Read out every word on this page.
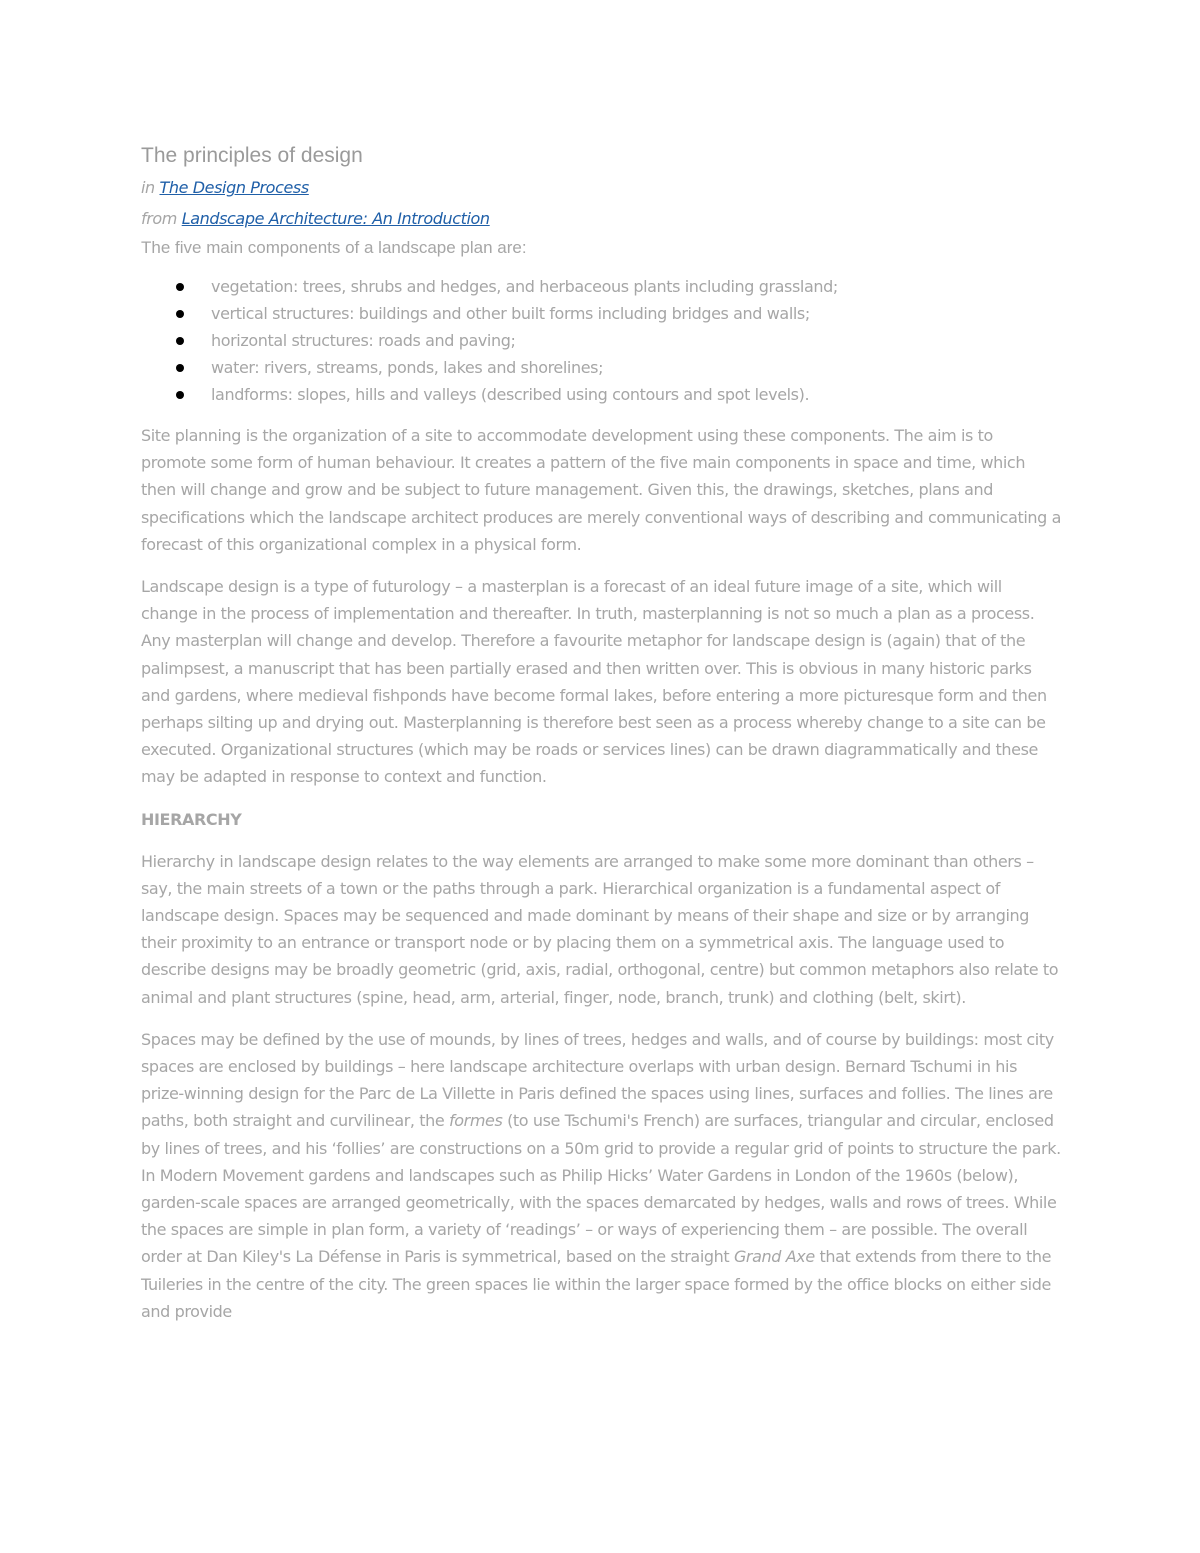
The principles of design

in The Design Process

from Landscape Architecture: An Introduction

The five main components of a landscape plan are:

vegetation: trees, shrubs and hedges, and herbaceous plants including grassland;
vertical structures: buildings and other built forms including bridges and walls;
horizontal structures: roads and paving;
water: rivers, streams, ponds, lakes and shorelines;
landforms: slopes, hills and valleys (described using contours and spot levels).

Site planning is the organization of a site to accommodate development using these components. The aim is to promote some form of human behaviour. It creates a pattern of the five main components in space and time, which then will change and grow and be subject to future management. Given this, the drawings, sketches, plans and specifications which the landscape architect produces are merely conventional ways of describing and communicating a forecast of this organizational complex in a physical form.

Landscape design is a type of futurology – a masterplan is a forecast of an ideal future image of a site, which will change in the process of implementation and thereafter. In truth, masterplanning is not so much a plan as a process. Any masterplan will change and develop. Therefore a favourite metaphor for landscape design is (again) that of the palimpsest, a manuscript that has been partially erased and then written over. This is obvious in many historic parks and gardens, where medieval fishponds have become formal lakes, before entering a more picturesque form and then perhaps silting up and drying out. Masterplanning is therefore best seen as a process whereby change to a site can be executed. Organizational structures (which may be roads or services lines) can be drawn diagrammatically and these may be adapted in response to context and function.

HIERARCHY

Hierarchy in landscape design relates to the way elements are arranged to make some more dominant than others – say, the main streets of a town or the paths through a park. Hierarchical organization is a fundamental aspect of landscape design. Spaces may be sequenced and made dominant by means of their shape and size or by arranging their proximity to an entrance or transport node or by placing them on a symmetrical axis. The language used to describe designs may be broadly geometric (grid, axis, radial, orthogonal, centre) but common metaphors also relate to animal and plant structures (spine, head, arm, arterial, finger, node, branch, trunk) and clothing (belt, skirt).

Spaces may be defined by the use of mounds, by lines of trees, hedges and walls, and of course by buildings: most city spaces are enclosed by buildings – here landscape architecture overlaps with urban design. Bernard Tschumi in his prize-winning design for the Parc de La Villette in Paris defined the spaces using lines, surfaces and follies. The lines are paths, both straight and curvilinear, the formes (to use Tschumi's French) are surfaces, triangular and circular, enclosed by lines of trees, and his ‘follies’ are constructions on a 50m grid to provide a regular grid of points to structure the park. In Modern Movement gardens and landscapes such as Philip Hicks’ Water Gardens in London of the 1960s (below), garden-scale spaces are arranged geometrically, with the spaces demarcated by hedges, walls and rows of trees. While the spaces are simple in plan form, a variety of ‘readings’ – or ways of experiencing them – are possible. The overall order at Dan Kiley's La Défense in Paris is symmetrical, based on the straight Grand Axe that extends from there to the Tuileries in the centre of the city. The green spaces lie within the larger space formed by the office blocks on either side and provide
